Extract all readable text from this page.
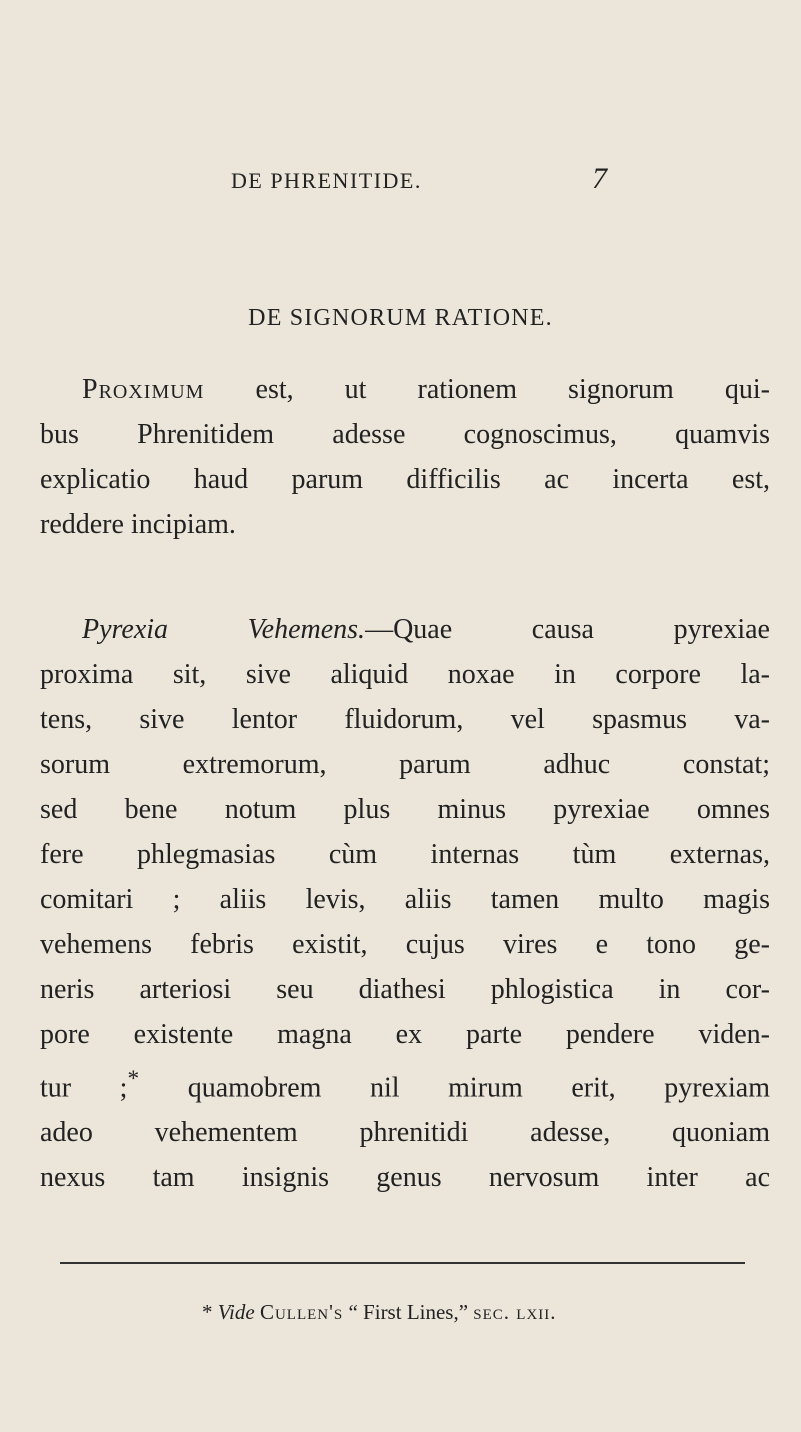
DE PHRENITIDE.	7
DE SIGNORUM RATIONE.
Proximum est, ut rationem signorum qui-
bus Phrenitidem adesse cognoscimus, quamvis
explicatio haud parum difficilis ac incerta est,
reddere incipiam.
Pyrexia Vehemens.—Quae causa pyrexiae
proxima sit, sive aliquid noxae in corpore la-
tens, sive lentor fluidorum, vel spasmus va-
sorum extremorum, parum adhuc constat;
sed bene notum plus minus pyrexiae omnes
fere phlegmasias cùm internas tùm externas,
comitari ; aliis levis, aliis tamen multo magis
vehemens febris existit, cujus vires e tono ge-
neris arteriosi seu diathesi phlogistica in cor-
pore existente magna ex parte pendere viden-
tur ;* quamobrem nil mirum erit, pyrexiam
adeo vehementem phrenitidi adesse, quoniam
nexus tam insignis genus nervosum inter ac
* Vide Cullen's “ First Lines,” sec. lxii.
